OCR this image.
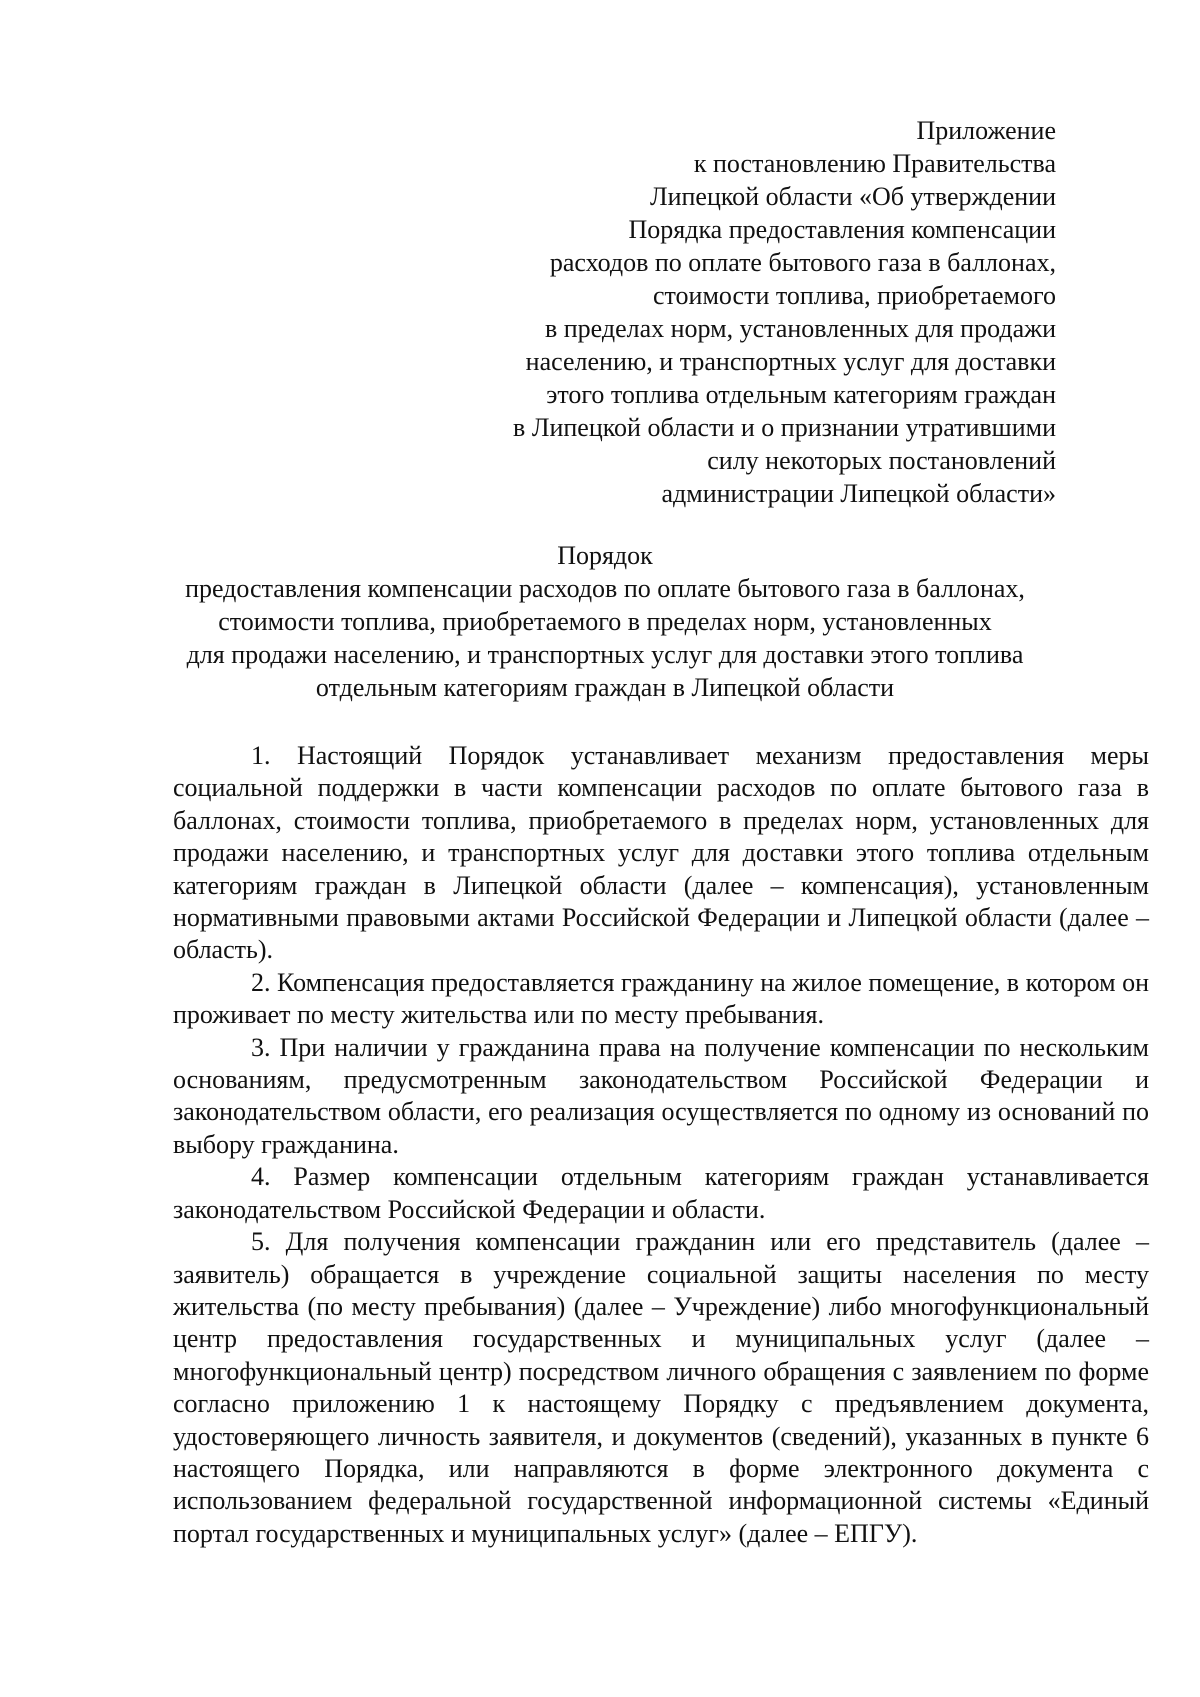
Приложение
к постановлению Правительства
Липецкой области «Об утверждении
Порядка предоставления компенсации
расходов по оплате бытового газа в баллонах,
стоимости топлива, приобретаемого
в пределах норм, установленных для продажи
населению, и транспортных услуг для доставки
этого топлива отдельным категориям граждан
в Липецкой области и о признании утратившими
силу некоторых постановлений
администрации Липецкой области»
Порядок
предоставления компенсации расходов по оплате бытового газа в баллонах,
стоимости топлива, приобретаемого в пределах норм, установленных
для продажи населению, и транспортных услуг для доставки этого топлива
отдельным категориям граждан в Липецкой области

1. Настоящий Порядок устанавливает механизм предоставления меры социальной поддержки в части компенсации расходов по оплате бытового газа в баллонах, стоимости топлива, приобретаемого в пределах норм, установленных для продажи населению, и транспортных услуг для доставки этого топлива отдельным категориям граждан в Липецкой области (далее – компенсация), установленным нормативными правовыми актами Российской Федерации и Липецкой области (далее – область).

2. Компенсация предоставляется гражданину на жилое помещение, в котором он проживает по месту жительства или по месту пребывания.

3. При наличии у гражданина права на получение компенсации по нескольким основаниям, предусмотренным законодательством Российской Федерации и законодательством области, его реализация осуществляется по одному из оснований по выбору гражданина.

4. Размер компенсации отдельным категориям граждан устанавливается законодательством Российской Федерации и области.

5. Для получения компенсации гражданин или его представитель (далее – заявитель) обращается в учреждение социальной защиты населения по месту жительства (по месту пребывания) (далее – Учреждение) либо многофункциональный центр предоставления государственных и муниципальных услуг (далее – многофункциональный центр) посредством личного обращения с заявлением по форме согласно приложению 1 к настоящему Порядку с предъявлением документа, удостоверяющего личность заявителя, и документов (сведений), указанных в пункте 6 настоящего Порядка, или направляются в форме электронного документа с использованием федеральной государственной информационной системы «Единый портал государственных и муниципальных услуг» (далее – ЕПГУ).
